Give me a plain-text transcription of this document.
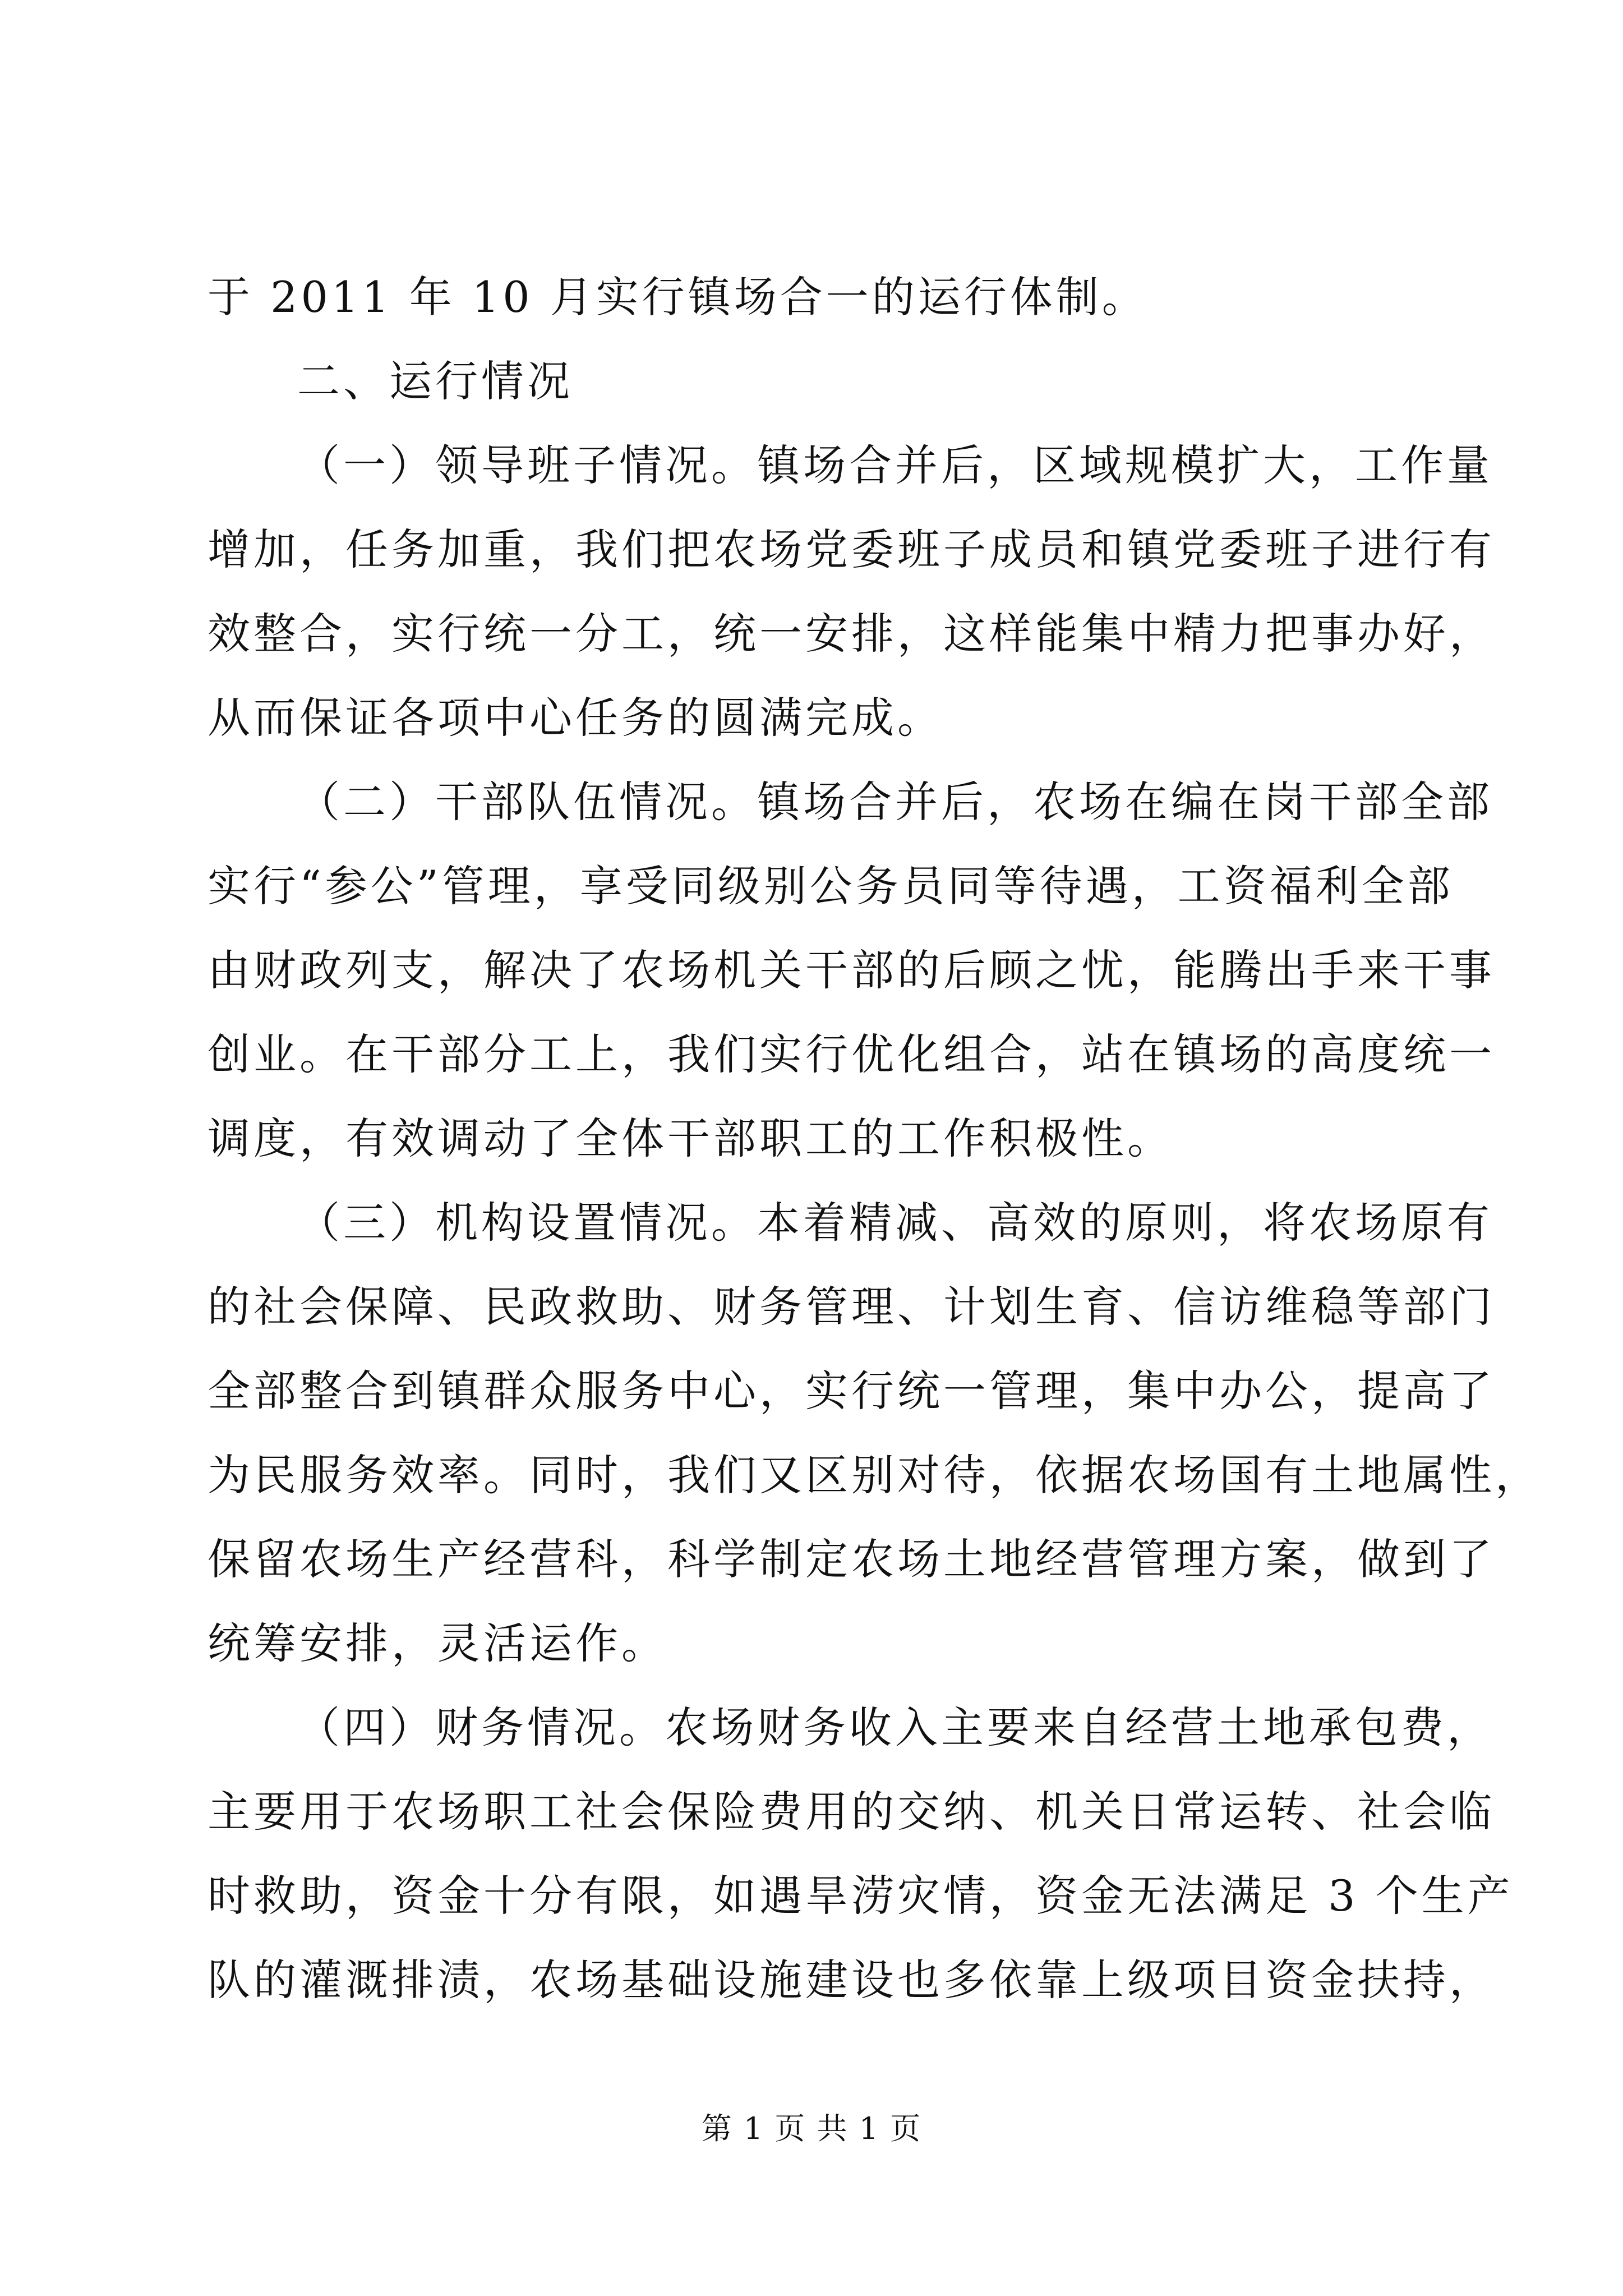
于 2011 年 10 月实行镇场合一的运行体制。
二、运行情况
（一）领导班子情况。镇场合并后，区域规模扩大，工作量
增加，任务加重，我们把农场党委班子成员和镇党委班子进行有
效整合，实行统一分工，统一安排，这样能集中精力把事办好，
从而保证各项中心任务的圆满完成。
（二）干部队伍情况。镇场合并后，农场在编在岗干部全部
实行“参公”管理，享受同级别公务员同等待遇，工资福利全部
由财政列支，解决了农场机关干部的后顾之忧，能腾出手来干事
创业。在干部分工上，我们实行优化组合，站在镇场的高度统一
调度，有效调动了全体干部职工的工作积极性。
（三）机构设置情况。本着精减、高效的原则，将农场原有
的社会保障、民政救助、财务管理、计划生育、信访维稳等部门
全部整合到镇群众服务中心，实行统一管理，集中办公，提高了
为民服务效率。同时，我们又区别对待，依据农场国有土地属性，
保留农场生产经营科，科学制定农场土地经营管理方案，做到了
统筹安排，灵活运作。
（四）财务情况。农场财务收入主要来自经营土地承包费，
主要用于农场职工社会保险费用的交纳、机关日常运转、社会临
时救助，资金十分有限，如遇旱涝灾情，资金无法满足 3 个生产
队的灌溉排渍，农场基础设施建设也多依靠上级项目资金扶持，
第 1 页 共 1 页
